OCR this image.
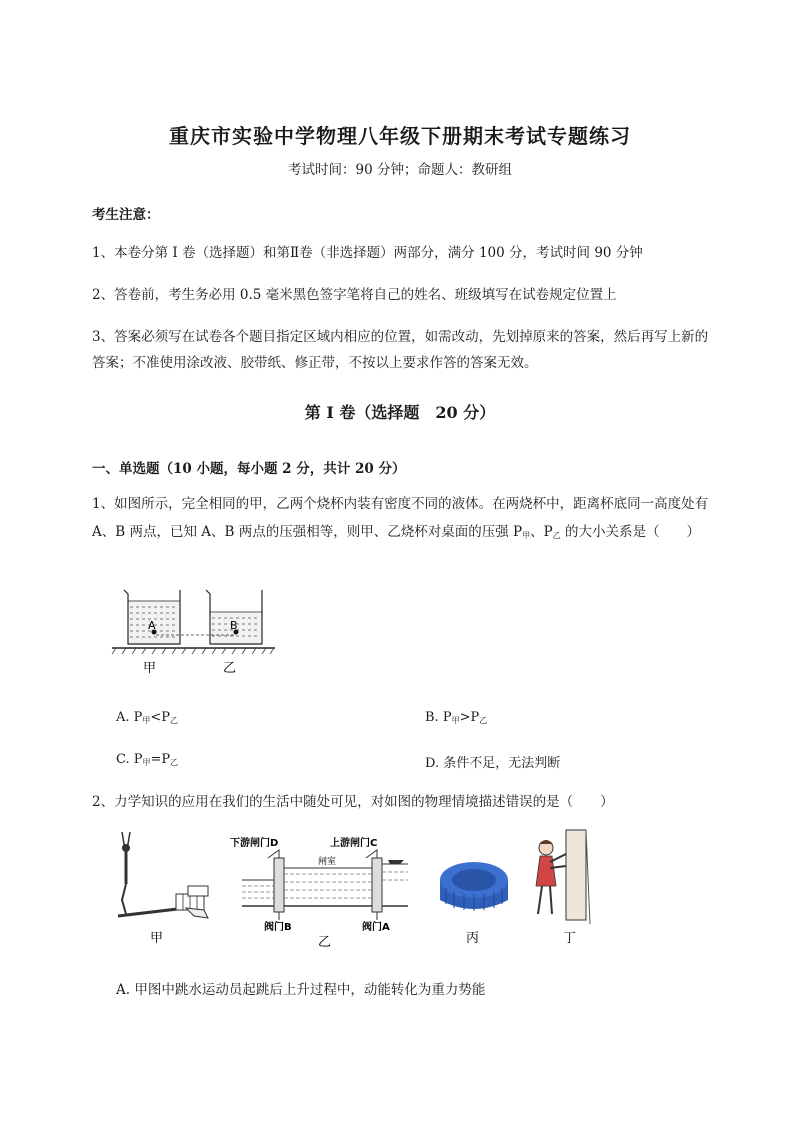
重庆市实验中学物理八年级下册期末考试专题练习
考试时间：90 分钟；命题人：教研组
考生注意：
1、本卷分第 I 卷（选择题）和第Ⅱ卷（非选择题）两部分，满分 100 分，考试时间 90 分钟
2、答卷前，考生务必用 0.5 毫米黑色签字笔将自己的姓名、班级填写在试卷规定位置上
3、答案必须写在试卷各个题目指定区域内相应的位置，如需改动，先划掉原来的答案，然后再写上新的答案；不准使用涂改液、胶带纸、修正带，不按以上要求作答的答案无效。
第 I 卷（选择题　20 分）
一、单选题（10 小题，每小题 2 分，共计 20 分）
1、如图所示，完全相同的甲，乙两个烧杯内装有密度不同的液体。在两烧杯中，距离杯底同一高度处有 A、B 两点，已知 A、B 两点的压强相等，则甲、乙烧杯对桌面的压强 $P_甲$、$P_乙$ 的大小关系是（　　）
A	B
甲	乙
A. $P_甲<P_乙$	B. $P_甲>P_乙$
C. $P_甲=P_乙$	D. 条件不足，无法判断
2、力学知识的应用在我们的生活中随处可见，对如图的物理情境描述错误的是（　　）
甲
下游闸门D	上游闸门C
闸室
阀门B	阀门A
乙	丙	丁
A. 甲图中跳水运动员起跳后上升过程中，动能转化为重力势能
